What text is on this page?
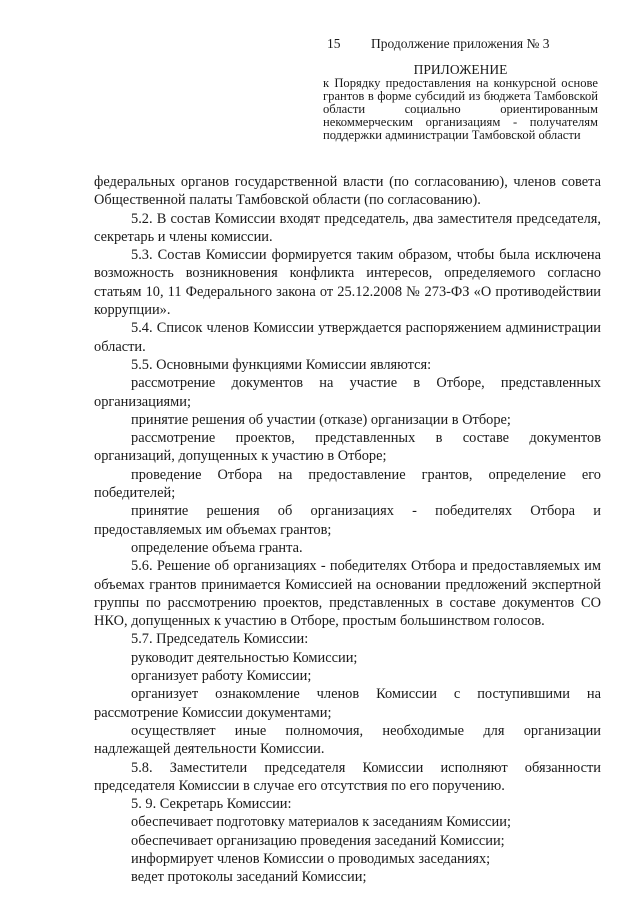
15 Продолжение приложения № 3
ПРИЛОЖЕНИЕ
к Порядку предоставления на конкурсной основе грантов в форме субсидий из бюджета Тамбовской области социально ориентированным некоммерческим организациям - получателям поддержки администрации Тамбовской области

федеральных органов государственной власти (по согласованию), членов совета Общественной палаты Тамбовской области (по согласованию).

5.2. В состав Комиссии входят председатель, два заместителя председателя, секретарь и члены комиссии.

5.3. Состав Комиссии формируется таким образом, чтобы была исключена возможность возникновения конфликта интересов, определяемого согласно статьям 10, 11 Федерального закона от 25.12.2008 № 273-ФЗ «О противодействии коррупции».

5.4. Список членов Комиссии утверждается распоряжением администрации области.

5.5. Основными функциями Комиссии являются:

рассмотрение документов на участие в Отборе, представленных организациями;

принятие решения об участии (отказе) организации в Отборе;

рассмотрение проектов, представленных в составе документов организаций, допущенных к участию в Отборе;

проведение Отбора на предоставление грантов, определение его победителей;

принятие решения об организациях - победителях Отбора и предоставляемых им объемах грантов;

определение объема гранта.

5.6. Решение об организациях - победителях Отбора и предоставляемых им объемах грантов принимается Комиссией на основании предложений экспертной группы по рассмотрению проектов, представленных в составе документов СО НКО, допущенных к участию в Отборе, простым большинством голосов.

5.7. Председатель Комиссии:

руководит деятельностью Комиссии;

организует работу Комиссии;

организует ознакомление членов Комиссии с поступившими на рассмотрение Комиссии документами;

осуществляет иные полномочия, необходимые для организации надлежащей деятельности Комиссии.

5.8. Заместители председателя Комиссии исполняют обязанности председателя Комиссии в случае его отсутствия по его поручению.

5. 9. Секретарь Комиссии:

обеспечивает подготовку материалов к заседаниям Комиссии;

обеспечивает организацию проведения заседаний Комиссии;

информирует членов Комиссии о проводимых заседаниях;

ведет протоколы заседаний Комиссии;
